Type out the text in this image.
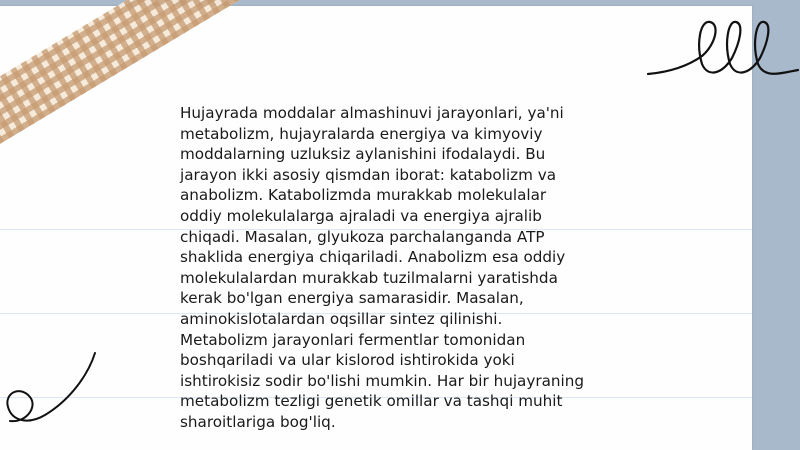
Hujayrada moddalar almashinuvi jarayonlari, ya'ni
metabolizm, hujayralarda energiya va kimyoviy
moddalarning uzluksiz aylanishini ifodalaydi. Bu
jarayon ikki asosiy qismdan iborat: katabolizm va
anabolizm. Katabolizmda murakkab molekulalar
oddiy molekulalarga ajraladi va energiya ajralib
chiqadi. Masalan, glyukoza parchalanganda ATP
shaklida energiya chiqariladi. Anabolizm esa oddiy
molekulalardan murakkab tuzilmalarni yaratishda
kerak bo'lgan energiya samarasidir. Masalan,
aminokislotalardan oqsillar sintez qilinishi.
Metabolizm jarayonlari fermentlar tomonidan
boshqariladi va ular kislorod ishtirokida yoki
ishtirokisiz sodir bo'lishi mumkin. Har bir hujayraning
metabolizm tezligi genetik omillar va tashqi muhit
sharoitlariga bog'liq.
